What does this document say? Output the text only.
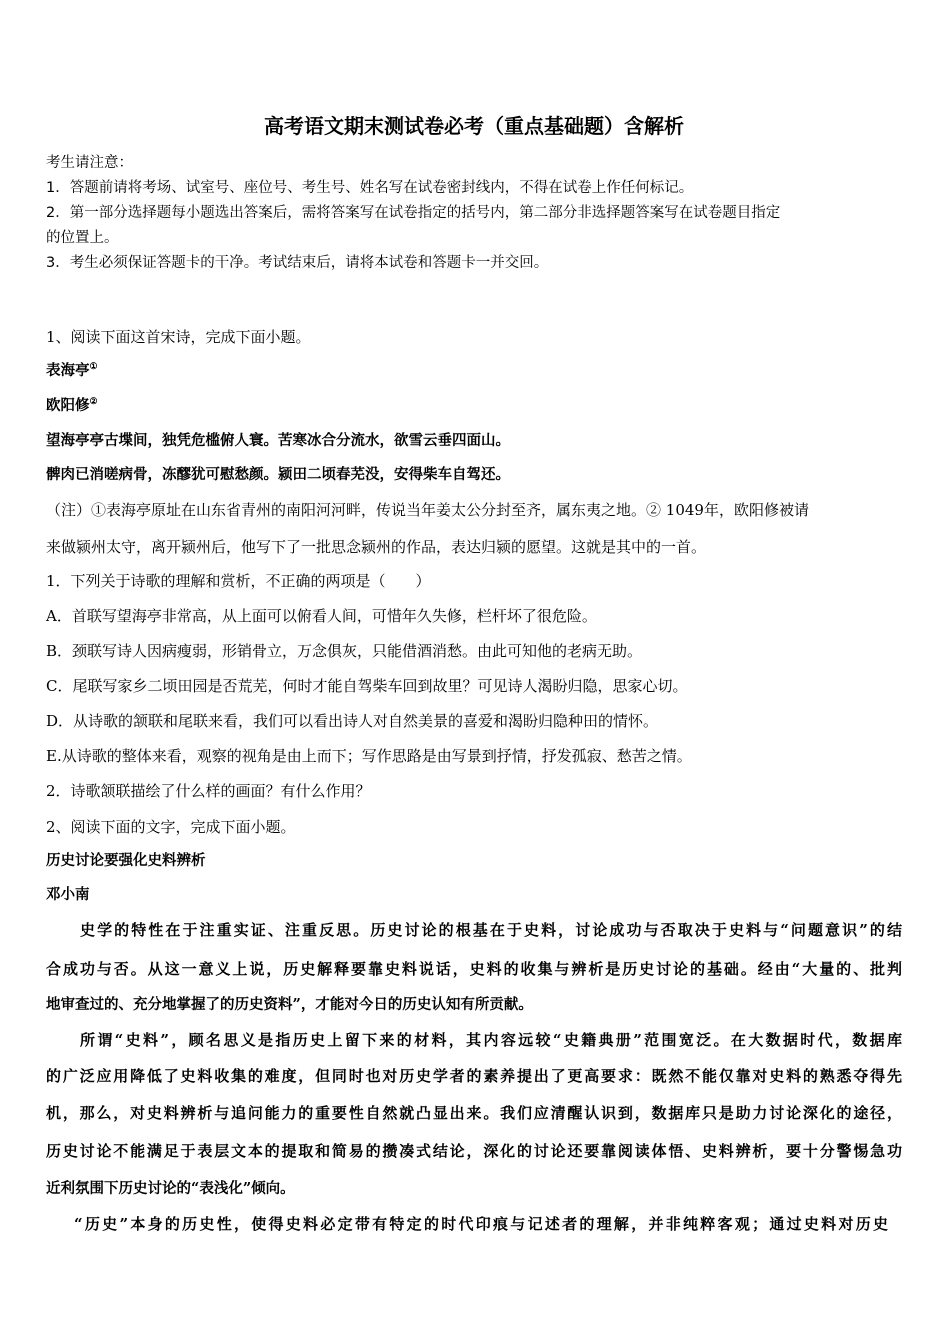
高考语文期末测试卷必考（重点基础题）含解析
考生请注意：
1．答题前请将考场、试室号、座位号、考生号、姓名写在试卷密封线内，不得在试卷上作任何标记。
2．第一部分选择题每小题选出答案后，需将答案写在试卷指定的括号内，第二部分非选择题答案写在试卷题目指定
的位置上。
3．考生必须保证答题卡的干净。考试结束后，请将本试卷和答题卡一并交回。
1、阅读下面这首宋诗，完成下面小题。
表海亭①
欧阳修②
望海亭亭古堞间，独凭危槛俯人寰。苦寒冰合分流水，欲雪云垂四面山。
髀肉已消嗟病骨，冻醪犹可慰愁颜。颍田二顷春芜没，安得柴车自驾还。
（注）①表海亭原址在山东省青州的南阳河河畔，传说当年姜太公分封至齐，属东夷之地。② 1049年，欧阳修被请
来做颍州太守，离开颍州后，他写下了一批思念颍州的作品，表达归颍的愿望。这就是其中的一首。
1．下列关于诗歌的理解和赏析，不正确的两项是（　　）
A．首联写望海亭非常高，从上面可以俯看人间，可惜年久失修，栏杆坏了很危险。
B．颈联写诗人因病瘦弱，形销骨立，万念俱灰，只能借酒消愁。由此可知他的老病无助。
C．尾联写家乡二顷田园是否荒芜，何时才能自驾柴车回到故里？可见诗人渴盼归隐，思家心切。
D．从诗歌的颔联和尾联来看，我们可以看出诗人对自然美景的喜爱和渴盼归隐种田的情怀。
E.从诗歌的整体来看，观察的视角是由上而下；写作思路是由写景到抒情，抒发孤寂、愁苦之情。
2．诗歌颔联描绘了什么样的画面？有什么作用？
2、阅读下面的文字，完成下面小题。
历史讨论要强化史料辨析
邓小南
史学的特性在于注重实证、注重反思。历史讨论的根基在于史料，讨论成功与否取决于史料与“问题意识”的结
合成功与否。从这一意义上说，历史解释要靠史料说话，史料的收集与辨析是历史讨论的基础。经由“大量的、批判
地审查过的、充分地掌握了的历史资料”，才能对今日的历史认知有所贡献。
所谓“史料”，顾名思义是指历史上留下来的材料，其内容远较“史籍典册”范围宽泛。在大数据时代，数据库
的广泛应用降低了史料收集的难度，但同时也对历史学者的素养提出了更高要求：既然不能仅靠对史料的熟悉夺得先
机，那么，对史料辨析与追问能力的重要性自然就凸显出来。我们应清醒认识到，数据库只是助力讨论深化的途径，
历史讨论不能满足于表层文本的提取和简易的攒凑式结论，深化的讨论还要靠阅读体悟、史料辨析，要十分警惕急功
近利氛围下历史讨论的“表浅化”倾向。
“历史”本身的历史性，使得史料必定带有特定的时代印痕与记述者的理解，并非纯粹客观；通过史料对历史
